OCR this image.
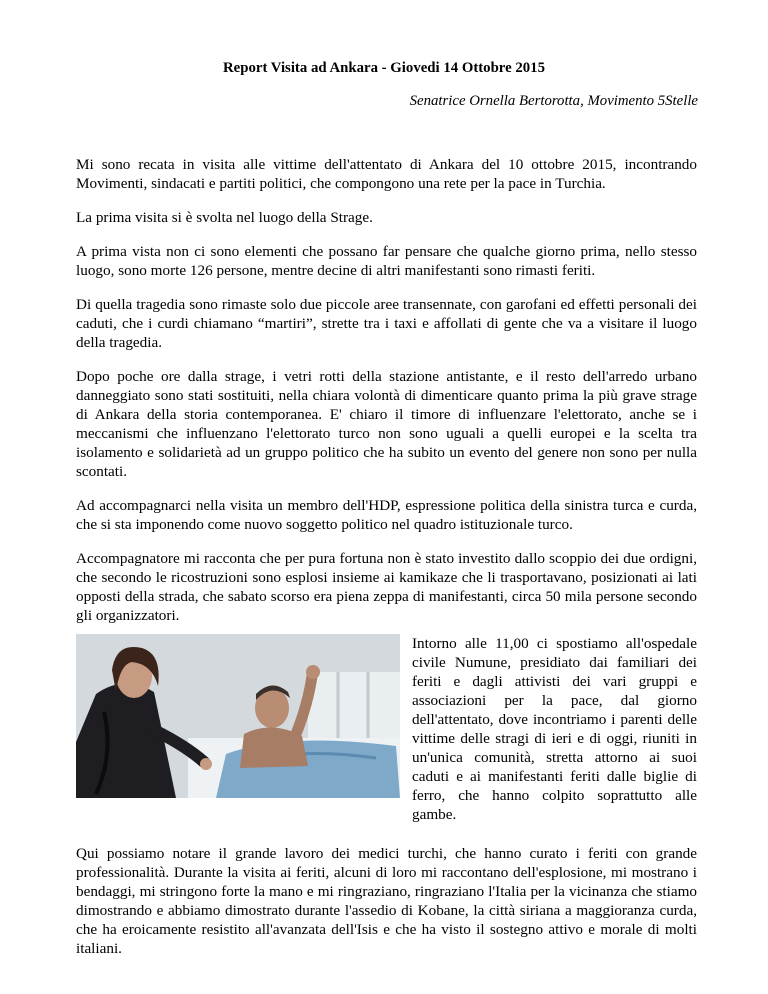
Report Visita ad Ankara - Giovedi 14 Ottobre 2015
Senatrice Ornella Bertorotta, Movimento 5Stelle

Mi sono recata in visita alle vittime dell'attentato di Ankara del 10 ottobre 2015, incontrando Movimenti, sindacati e partiti politici, che compongono una rete per la pace in Turchia.

La prima visita si è svolta nel luogo della Strage.

A prima vista non ci sono elementi che possano far pensare che qualche giorno prima, nello stesso luogo, sono morte 126 persone, mentre decine di altri manifestanti sono rimasti feriti.

Di quella tragedia sono rimaste solo due piccole aree transennate, con garofani ed effetti personali dei caduti, che i curdi chiamano “martiri”, strette tra i taxi e affollati di gente che va a visitare il luogo della tragedia.

Dopo poche ore dalla strage, i vetri rotti della stazione antistante, e il resto dell'arredo urbano danneggiato sono stati sostituiti, nella chiara volontà di dimenticare quanto prima la più grave strage di Ankara della storia contemporanea. E' chiaro il timore di influenzare l'elettorato, anche se i meccanismi che influenzano l'elettorato turco non sono uguali a quelli europei e la scelta tra isolamento e solidarietà ad un gruppo politico che ha subito un evento del genere non sono per nulla scontati.

Ad accompagnarci nella visita un membro dell'HDP, espressione politica della sinistra turca e curda, che si sta imponendo come nuovo soggetto politico nel quadro istituzionale turco.

Accompagnatore mi racconta che per pura fortuna non è stato investito dallo scoppio dei due ordigni, che secondo le ricostruzioni sono esplosi insieme ai kamikaze che li trasportavano, posizionati ai lati opposti della strada, che sabato scorso era piena zeppa di manifestanti, circa 50 mila persone secondo gli organizzatori.

Intorno alle 11,00 ci spostiamo all'ospedale civile Numune, presidiato dai familiari dei feriti e dagli attivisti dei vari gruppi e associazioni per la pace, dal giorno dell'attentato, dove incontriamo i parenti delle vittime delle stragi di ieri e di oggi, riuniti in un'unica comunità, stretta attorno ai suoi caduti e ai manifestanti feriti dalle biglie di ferro, che hanno colpito soprattutto alle gambe.

Qui possiamo notare il grande lavoro dei medici turchi, che hanno curato i feriti con grande professionalità. Durante la visita ai feriti, alcuni di loro mi raccontano dell'esplosione, mi mostrano i bendaggi, mi stringono forte la mano e mi ringraziano, ringraziano l'Italia per la vicinanza che stiamo dimostrando e abbiamo dimostrato durante l'assedio di Kobane, la città siriana a maggioranza curda, che ha eroicamente resistito all'avanzata dell'Isis e che ha visto il sostegno attivo e morale di molti italiani.
